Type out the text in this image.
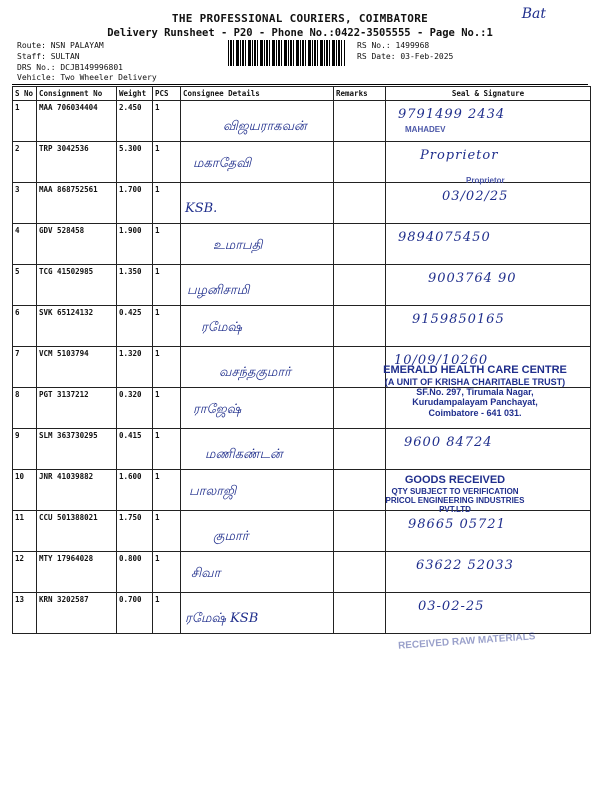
THE PROFESSIONAL COURIERS, COIMBATORE
Delivery Runsheet - P20 - Phone No.:0422-3505555 - Page No.:1
Bat
Route: NSN PALAYAM
Staff: SULTAN
DRS No.: DCJB149996801
RS No.: 1499968
RS Date: 03-Feb-2025
Vehicle: Two Wheeler Delivery
S No	Consignment No	Weight	PCS	Consignee Details	Remarks	Seal & Signature
1	MAA 706034404	2.450	1	விஜயராகவன்		9791499 2434

2	TRP 3042536	5.300	1	மகாதேவி		Proprietor

3	MAA 868752561	1.700	1	KSB.		03/02/25

4	GDV 528458	1.900	1	உமாபதி		9894075450

5	TCG 41502985	1.350	1	பழனிசாமி		9003764 90

6	SVK 65124132	0.425	1	ரமேஷ்		9159850165

7	VCM 5103794	1.320	1	வசந்தகுமார்		10/09/10260

8	PGT 3137212	0.320	1	ராஜேஷ்		

9	SLM 363730295	0.415	1	மணிகண்டன்		9600 84724

10	JNR 41039882	1.600	1	பாலாஜி		

11	CCU 501388021	1.750	1	குமார்		98665 05721

12	MTY 17964028	0.800	1	சிவா		63622 52033

13	KRN 3202587	0.700	1	ரமேஷ் KSB		03-02-25
MAHADEV
Proprietor
EMERALD HEALTH CARE CENTRE
(A UNIT OF KRISHA CHARITABLE TRUST)
SF.No. 297, Tirumala Nagar,
Kurudampalayam Panchayat,
Coimbatore - 641 031.
GOODS RECEIVED
QTY SUBJECT TO VERIFICATION
PRICOL ENGINEERING INDUSTRIES PVT.LTD
RECEIVED RAW MATERIALS
